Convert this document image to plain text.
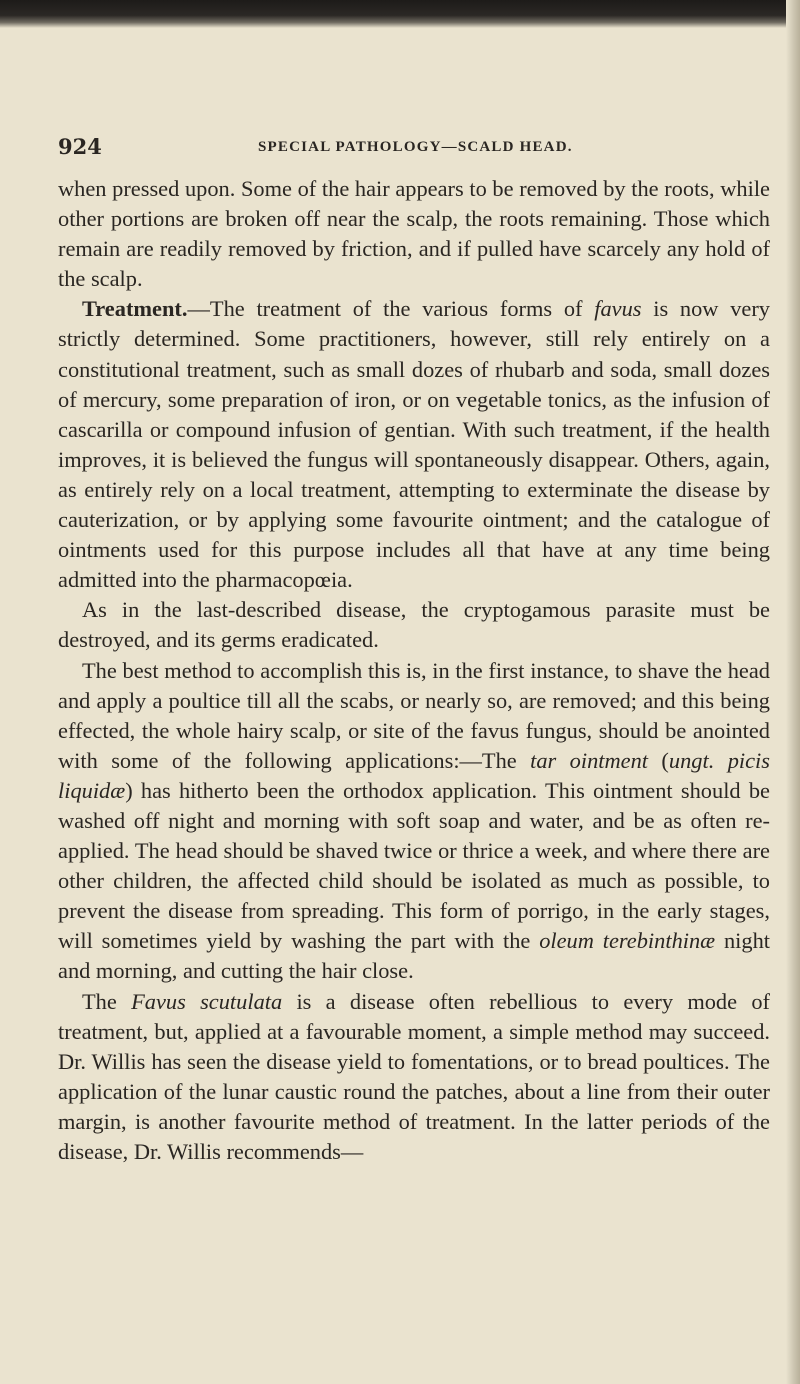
924	SPECIAL PATHOLOGY—SCALD HEAD.

when pressed upon. Some of the hair appears to be removed by the roots, while other portions are broken off near the scalp, the roots remaining. Those which remain are readily removed by friction, and if pulled have scarcely any hold of the scalp.

Treatment.—The treatment of the various forms of favus is now very strictly determined. Some practitioners, however, still rely entirely on a constitutional treatment, such as small dozes of rhubarb and soda, small dozes of mercury, some preparation of iron, or on vegetable tonics, as the infusion of cascarilla or compound infusion of gentian. With such treatment, if the health improves, it is believed the fungus will spontaneously disappear. Others, again, as entirely rely on a local treatment, attempting to exterminate the disease by cauterization, or by applying some favourite ointment; and the catalogue of ointments used for this purpose includes all that have at any time being admitted into the pharmacopœia.

As in the last-described disease, the cryptogamous parasite must be destroyed, and its germs eradicated.

The best method to accomplish this is, in the first instance, to shave the head and apply a poultice till all the scabs, or nearly so, are removed; and this being effected, the whole hairy scalp, or site of the favus fungus, should be anointed with some of the following applications:—The tar ointment (ungt. picis liquidæ) has hitherto been the orthodox application. This ointment should be washed off night and morning with soft soap and water, and be as often re-applied. The head should be shaved twice or thrice a week, and where there are other children, the affected child should be isolated as much as possible, to prevent the disease from spreading. This form of porrigo, in the early stages, will sometimes yield by washing the part with the oleum terebinthinæ night and morning, and cutting the hair close.

The Favus scutulata is a disease often rebellious to every mode of treatment, but, applied at a favourable moment, a simple method may succeed. Dr. Willis has seen the disease yield to fomentations, or to bread poultices. The application of the lunar caustic round the patches, about a line from their outer margin, is another favourite method of treatment. In the latter periods of the disease, Dr. Willis recommends—
